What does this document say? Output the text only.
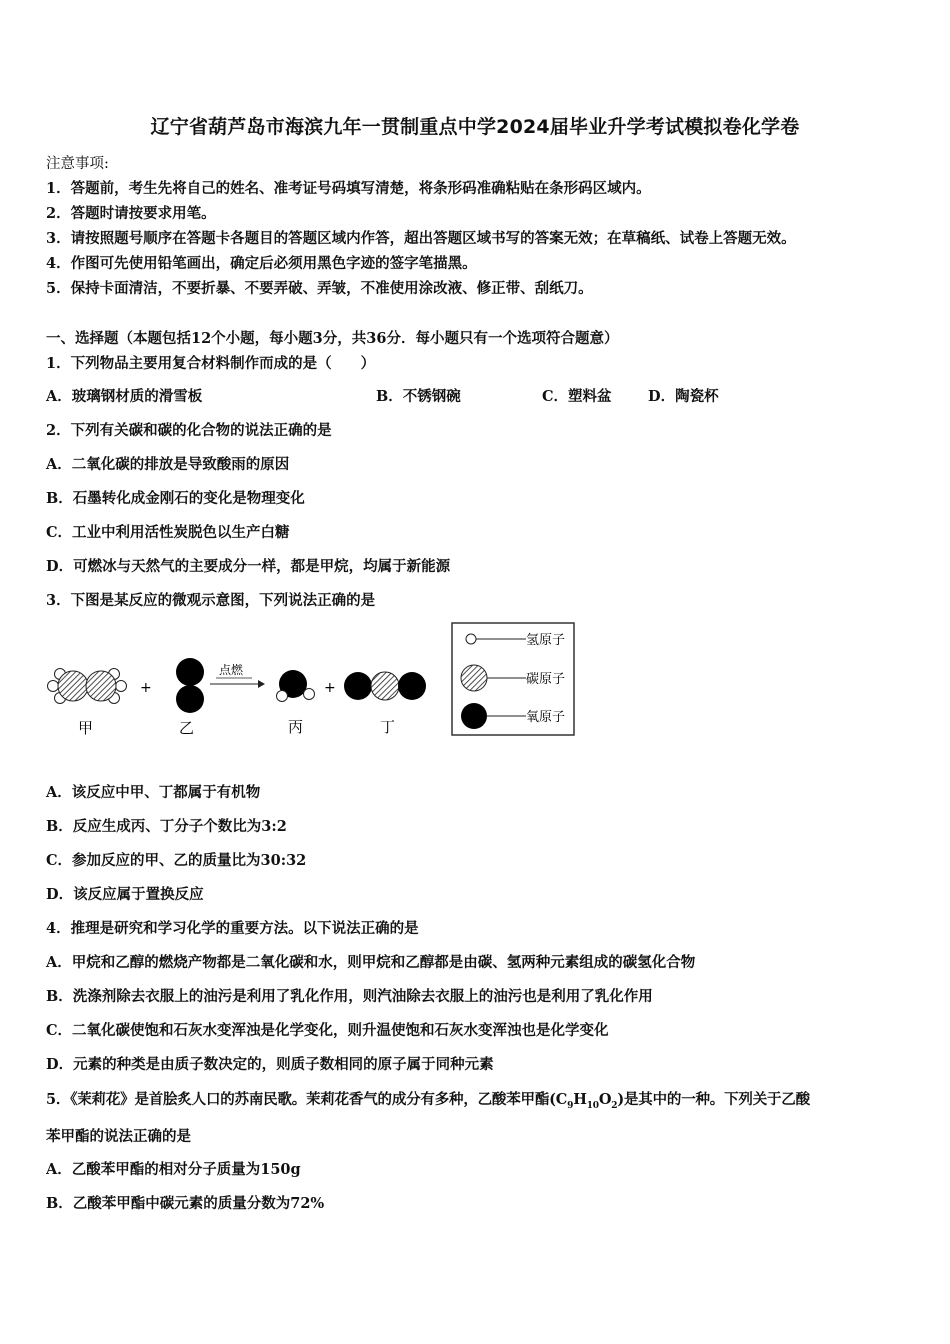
辽宁省葫芦岛市海滨九年一贯制重点中学2024届毕业升学考试模拟卷化学卷
注意事项:
1．答题前，考生先将自己的姓名、准考证号码填写清楚，将条形码准确粘贴在条形码区域内。
2．答题时请按要求用笔。
3．请按照题号顺序在答题卡各题目的答题区域内作答，超出答题区域书写的答案无效；在草稿纸、试卷上答题无效。
4．作图可先使用铅笔画出，确定后必须用黑色字迹的签字笔描黑。
5．保持卡面清洁，不要折暴、不要弄破、弄皱，不准使用涂改液、修正带、刮纸刀。
一、选择题（本题包括12个小题，每小题3分，共36分．每小题只有一个选项符合题意）
1．下列物品主要用复合材料制作而成的是（　　）
A．玻璃钢材质的滑雪板	B．不锈钢碗	C．塑料盆	D．陶瓷杯
2．下列有关碳和碳的化合物的说法正确的是
A．二氧化碳的排放是导致酸雨的原因
B．石墨转化成金刚石的变化是物理变化
C．工业中利用活性炭脱色以生产白糖
D．可燃冰与天然气的主要成分一样，都是甲烷，均属于新能源
3．下图是某反应的微观示意图，下列说法正确的是
+
点燃
+
甲	乙	丙	丁
氢原子
碳原子
氧原子
A．该反应中甲、丁都属于有机物
B．反应生成丙、丁分子个数比为3:2
C．参加反应的甲、乙的质量比为30:32
D．该反应属于置换反应
4．推理是研究和学习化学的重要方法。以下说法正确的是
A．甲烷和乙醇的燃烧产物都是二氧化碳和水，则甲烷和乙醇都是由碳、氢两种元素组成的碳氢化合物
B．洗涤剂除去衣服上的油污是利用了乳化作用，则汽油除去衣服上的油污也是利用了乳化作用
C．二氧化碳使饱和石灰水变浑浊是化学变化，则升温使饱和石灰水变浑浊也是化学变化
D．元素的种类是由质子数决定的，则质子数相同的原子属于同种元素
5．《茉莉花》是首脍炙人口的苏南民歌。茉莉花香气的成分有多种，乙酸苯甲酯$(C_9H_{10}O_2)$是其中的一种。下列关于乙酸
苯甲酯的说法正确的是
A．乙酸苯甲酯的相对分子质量为150g
B．乙酸苯甲酯中碳元素的质量分数为72%
